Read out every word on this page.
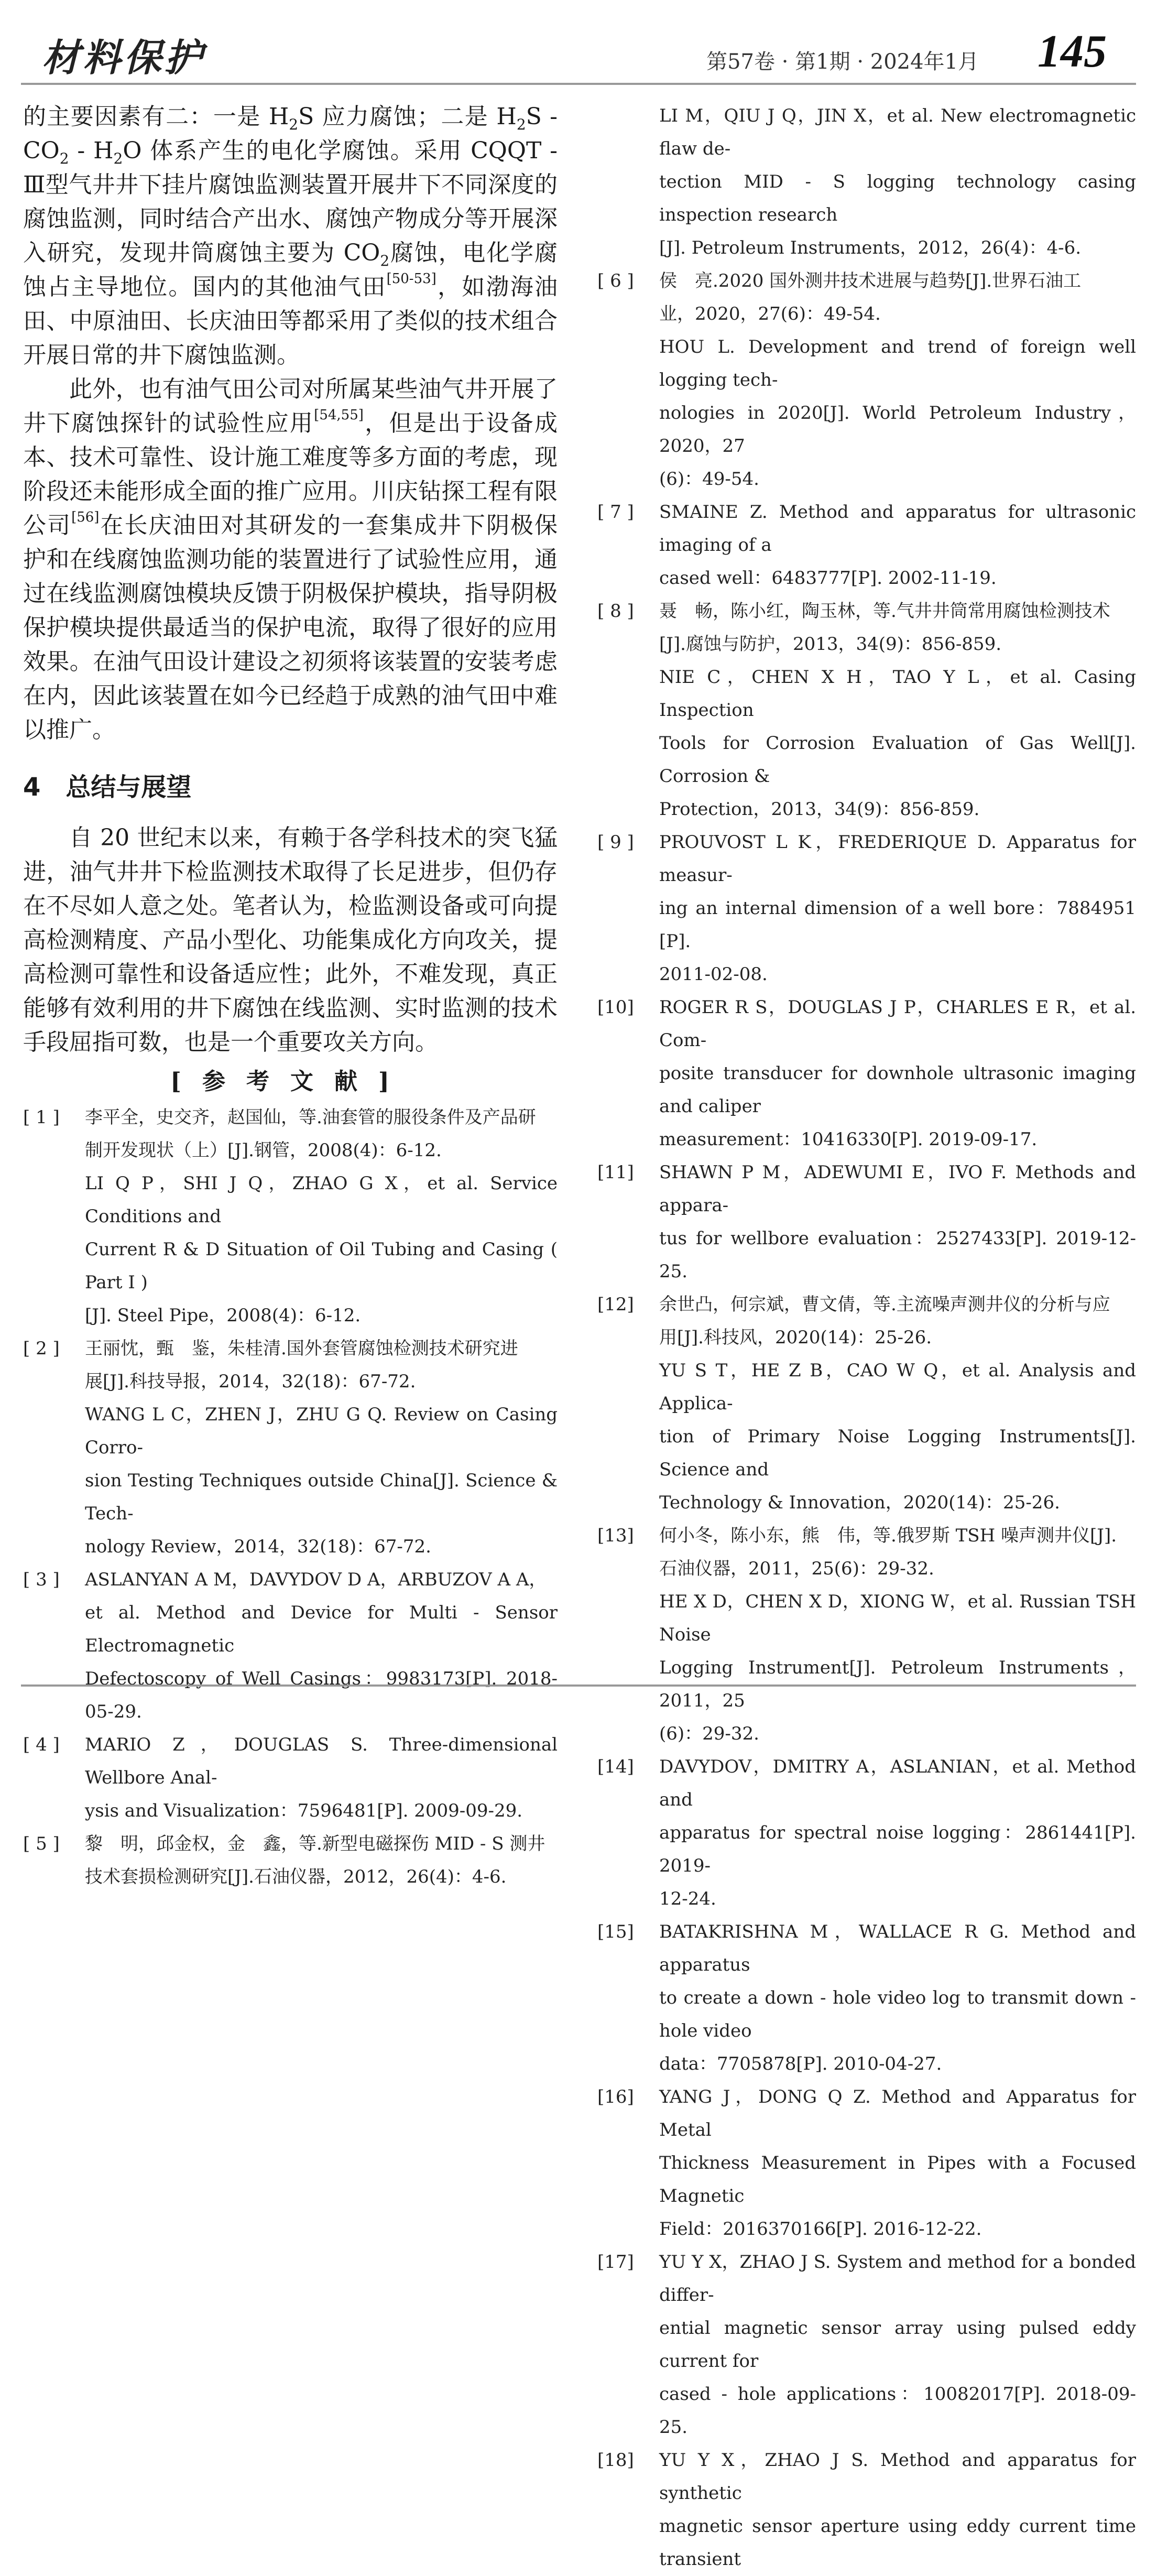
材料保护	第57卷 · 第1期 · 2024年1月 145

的主要因素有二：一是 $H_2S$ 应力腐蚀；二是 $H_2S - CO_2 - H_2O$ 体系产生的电化学腐蚀。采用 CQQT - Ⅲ型气井井下挂片腐蚀监测装置开展井下不同深度的腐蚀监测，同时结合产出水、腐蚀产物成分等开展深入研究，发现井筒腐蚀主要为 $CO_2$腐蚀，电化学腐蚀占主导地位。国内的其他油气田[50-53]，如渤海油田、中原油田、长庆油田等都采用了类似的技术组合开展日常的井下腐蚀监测。

此外，也有油气田公司对所属某些油气井开展了井下腐蚀探针的试验性应用[54,55]，但是出于设备成本、技术可靠性、设计施工难度等多方面的考虑，现阶段还未能形成全面的推广应用。川庆钻探工程有限公司[56]在长庆油田对其研发的一套集成井下阴极保护和在线腐蚀监测功能的装置进行了试验性应用，通过在线监测腐蚀模块反馈于阴极保护模块，指导阴极保护模块提供最适当的保护电流，取得了很好的应用效果。在油气田设计建设之初须将该装置的安装考虑在内，因此该装置在如今已经趋于成熟的油气田中难以推广。

4　总结与展望

自 20 世纪末以来，有赖于各学科技术的突飞猛进，油气井井下检监测技术取得了长足进步，但仍存在不尽如人意之处。笔者认为，检监测设备或可向提高检测精度、产品小型化、功能集成化方向攻关，提高检测可靠性和设备适应性；此外，不难发现，真正能够有效利用的井下腐蚀在线监测、实时监测的技术手段屈指可数，也是一个重要攻关方向。

[参考文献]
[ 1 ]	李平全，史交齐，赵国仙，等.油套管的服役条件及产品研
制开发现状（上）[J].钢管，2008(4)：6-12.
LI Q P，SHI J Q，ZHAO G X，et al. Service Conditions and
Current R & D Situation of Oil Tubing and Casing ( Part Ⅰ )
[J]. Steel Pipe，2008(4)：6-12.
[ 2 ]	王丽忱，甄　鉴，朱桂清.国外套管腐蚀检测技术研究进
展[J].科技导报，2014，32(18)：67-72.
WANG L C，ZHEN J，ZHU G Q. Review on Casing Corro-
sion Testing Techniques outside China[J]. Science & Tech-
nology Review，2014，32(18)：67-72.
[ 3 ]	ASLANYAN A M，DAVYDOV D A，ARBUZOV A A，
et al. Method and Device for Multi - Sensor Electromagnetic
Defectoscopy of Well Casings：9983173[P]. 2018-05-29.
[ 4 ]	MARIO Z，DOUGLAS S. Three-dimensional Wellbore Anal-
ysis and Visualization：7596481[P]. 2009-09-29.
[ 5 ]	黎　明，邱金权，金　鑫，等.新型电磁探伤 MID - S 测井
技术套损检测研究[J].石油仪器，2012，26(4)：4-6.
LI M，QIU J Q，JIN X，et al. New electromagnetic flaw de-
tection MID - S logging technology casing inspection research
[J]. Petroleum Instruments，2012，26(4)：4-6.
[ 6 ]	侯　亮.2020 国外测井技术进展与趋势[J].世界石油工
业，2020，27(6)：49-54.
HOU L. Development and trend of foreign well logging tech-
nologies in 2020[J]. World Petroleum Industry，2020，27
(6)：49-54.
[ 7 ]	SMAINE Z. Method and apparatus for ultrasonic imaging of a
cased well：6483777[P]. 2002-11-19.
[ 8 ]	聂　畅，陈小红，陶玉林，等.气井井筒常用腐蚀检测技术
[J].腐蚀与防护，2013，34(9)：856-859.
NIE C，CHEN X H，TAO Y L，et al. Casing Inspection
Tools for Corrosion Evaluation of Gas Well[J]. Corrosion &
Protection，2013，34(9)：856-859.
[ 9 ]	PROUVOST L K，FREDERIQUE D. Apparatus for measur-
ing an internal dimension of a well bore：7884951 [P].
2011-02-08.
[10]	ROGER R S，DOUGLAS J P，CHARLES E R，et al. Com-
posite transducer for downhole ultrasonic imaging and caliper
measurement：10416330[P]. 2019-09-17.
[11]	SHAWN P M，ADEWUMI E，IVO F. Methods and appara-
tus for wellbore evaluation：2527433[P]. 2019-12-25.
[12]	余世凸，何宗斌，曹文倩，等.主流噪声测井仪的分析与应
用[J].科技风，2020(14)：25-26.
YU S T，HE Z B，CAO W Q，et al. Analysis and Applica-
tion of Primary Noise Logging Instruments[J]. Science and
Technology & Innovation，2020(14)：25-26.
[13]	何小冬，陈小东，熊　伟，等.俄罗斯 TSH 噪声测井仪[J].
石油仪器，2011，25(6)：29-32.
HE X D，CHEN X D，XIONG W，et al. Russian TSH Noise
Logging Instrument[J]. Petroleum Instruments，2011，25
(6)：29-32.
[14]	DAVYDOV，DMITRY A，ASLANIAN，et al. Method and
apparatus for spectral noise logging：2861441[P]. 2019-
12-24.
[15]	BATAKRISHNA M，WALLACE R G. Method and apparatus
to create a down - hole video log to transmit down - hole video
data：7705878[P]. 2010-04-27.
[16]	YANG J，DONG Q Z. Method and Apparatus for Metal
Thickness Measurement in Pipes with a Focused Magnetic
Field：2016370166[P]. 2016-12-22.
[17]	YU Y X，ZHAO J S. System and method for a bonded differ-
ential magnetic sensor array using pulsed eddy current for
cased - hole applications：10082017[P]. 2018-09-25.
[18]	YU Y X，ZHAO J S. Method and apparatus for synthetic
magnetic sensor aperture using eddy current time transient
